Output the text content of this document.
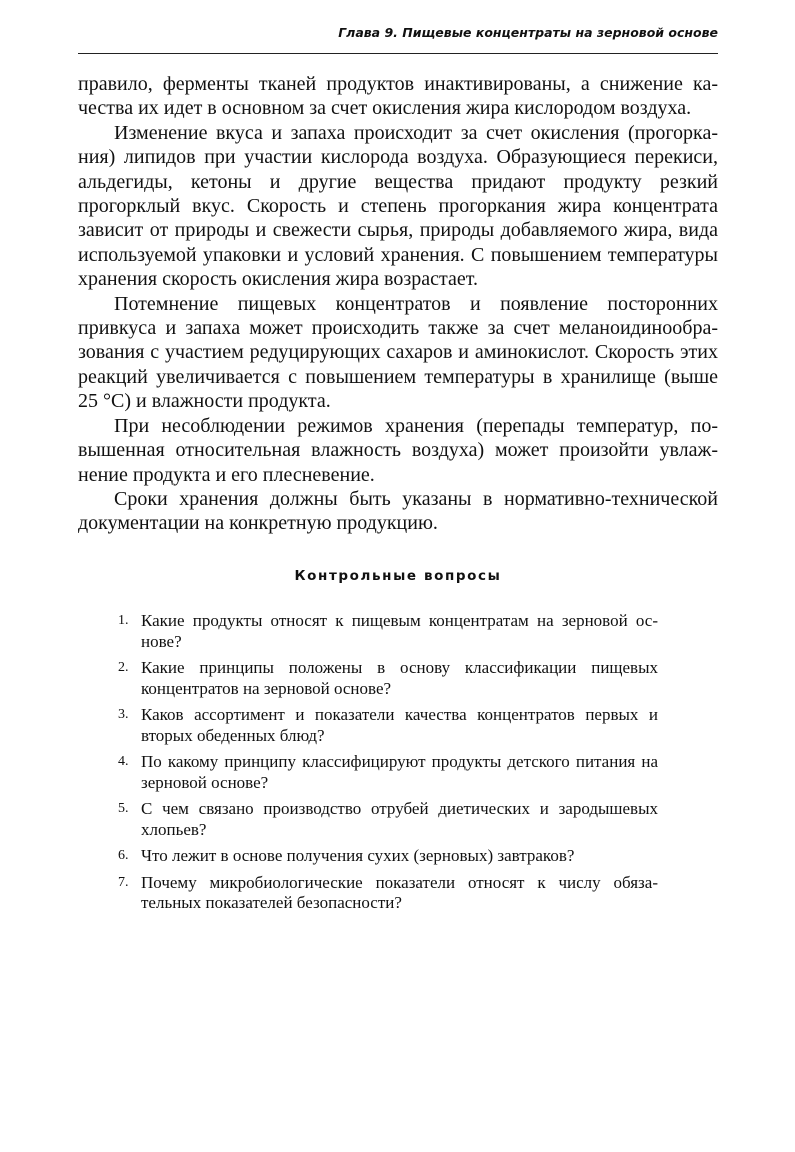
Глава 9. Пищевые концентраты на зерновой основе

правило, ферменты тканей продуктов инактивированы, а снижение качества их идет в основном за счет окисления жира кислородом воздуха.

Изменение вкуса и запаха происходит за счет окисления (прогоркания) липидов при участии кислорода воздуха. Образующиеся перекиси, альдегиды, кетоны и другие вещества придают продукту резкий прогорклый вкус. Скорость и степень прогоркания жира концентрата зависит от природы и свежести сырья, природы добавляемого жира, вида используемой упаковки и условий хранения. С повышением температуры хранения скорость окисления жира возрастает.

Потемнение пищевых концентратов и появление посторонних привкуса и запаха может происходить также за счет меланоидинообразования с участием редуцирующих сахаров и аминокислот. Скорость этих реакций увеличивается с повышением температуры в хранилище (выше 25 °С) и влажности продукта.

При несоблюдении режимов хранения (перепады температур, повышенная относительная влажность воздуха) может произойти увлажнение продукта и его плесневение.

Сроки хранения должны быть указаны в нормативно-технической документации на конкретную продукцию.

Контрольные вопросы
1. Какие продукты относят к пищевым концентратам на зерновой основе?
2. Какие принципы положены в основу классификации пищевых концентратов на зерновой основе?
3. Каков ассортимент и показатели качества концентратов первых и вторых обеденных блюд?
4. По какому принципу классифицируют продукты детского питания на зерновой основе?
5. С чем связано производство отрубей диетических и зародышевых хлопьев?
6. Что лежит в основе получения сухих (зерновых) завтраков?
7. Почему микробиологические показатели относят к числу обязательных показателей безопасности?
